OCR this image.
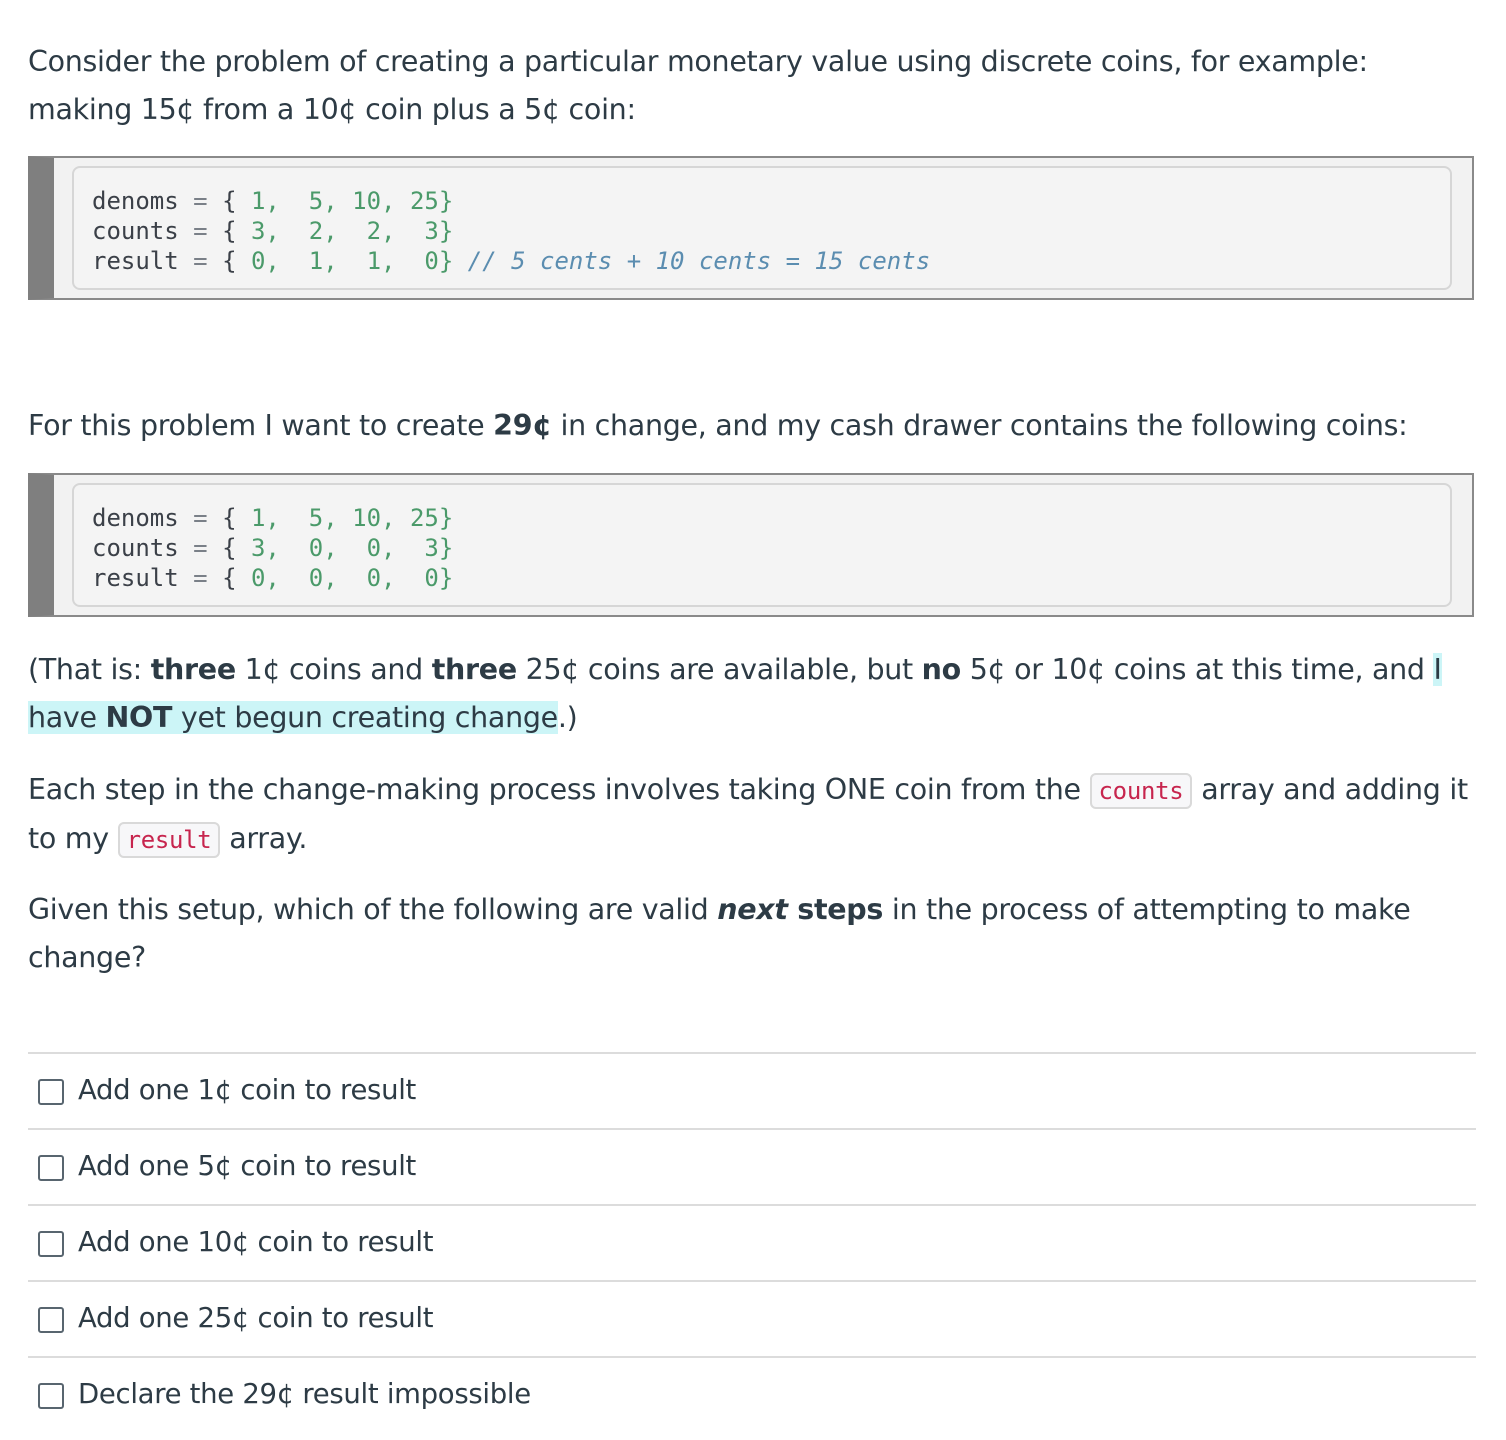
Consider the problem of creating a particular monetary value using discrete coins, for example: making 15¢ from a 10¢ coin plus a 5¢ coin:

denoms = { 1, 5, 10, 25}
counts = { 3, 2, 2, 3}
result = { 0, 1, 1, 0} // 5 cents + 10 cents = 15 cents

For this problem I want to create 29¢ in change, and my cash drawer contains the following coins:

denoms = { 1, 5, 10, 25}
counts = { 3, 0, 0, 3}
result = { 0, 0, 0, 0}

(That is: three 1¢ coins and three 25¢ coins are available, but no 5¢ or 10¢ coins at this time, and I have NOT yet begun creating change.)

Each step in the change-making process involves taking ONE coin from the counts array and adding it to my result array.

Given this setup, which of the following are valid next steps in the process of attempting to make change?

Add one 1¢ coin to result
Add one 5¢ coin to result
Add one 10¢ coin to result
Add one 25¢ coin to result
Declare the 29¢ result impossible
